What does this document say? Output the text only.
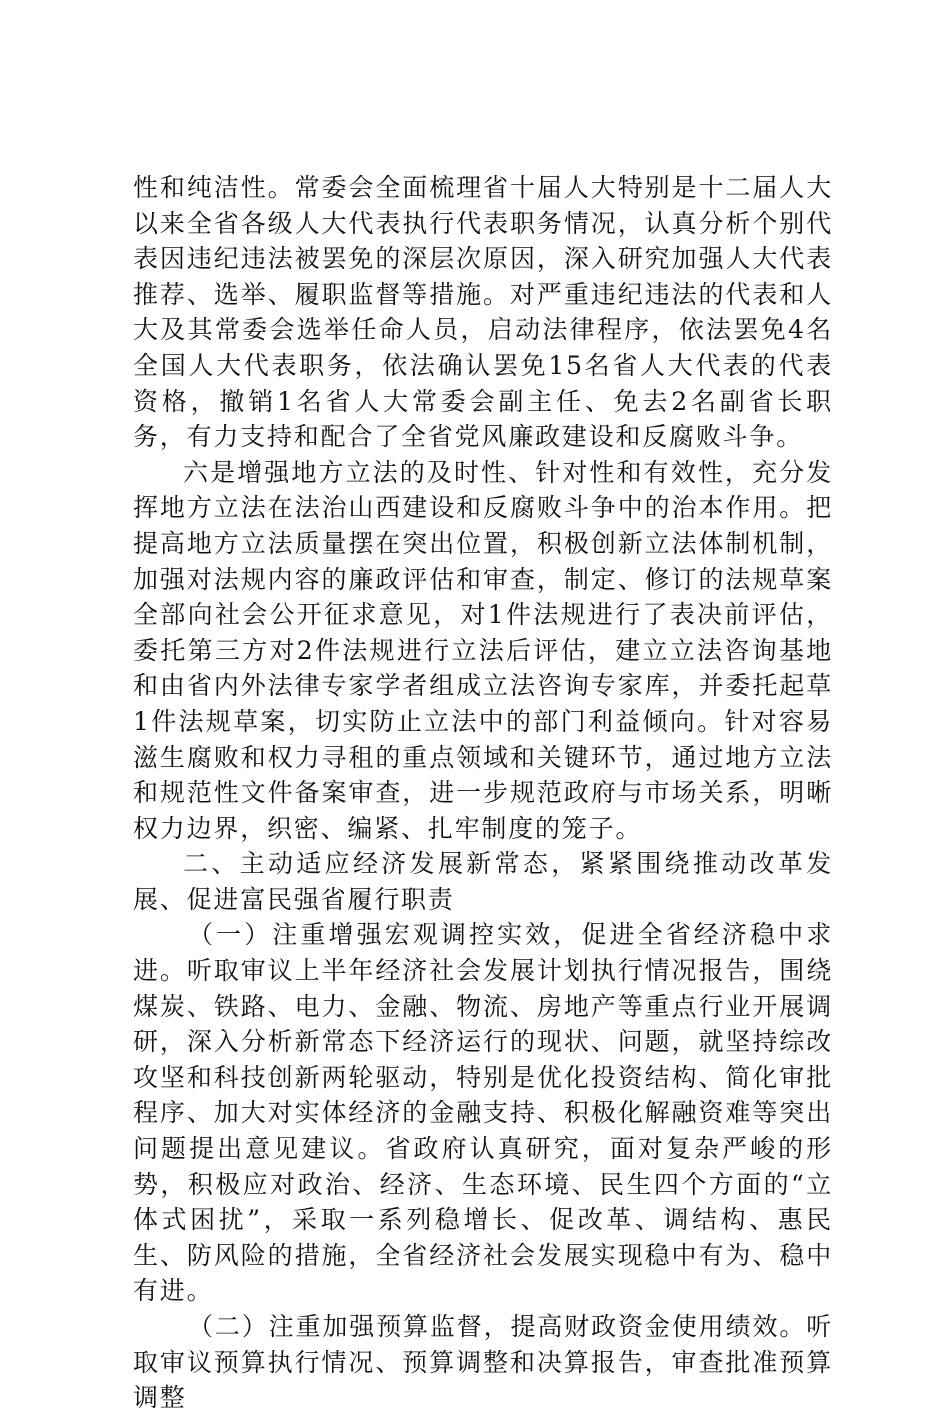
性和纯洁性。常委会全面梳理省十届人大特别是十二届人大以来全省各级人大代表执行代表职务情况，认真分析个别代表因违纪违法被罢免的深层次原因，深入研究加强人大代表推荐、选举、履职监督等措施。对严重违纪违法的代表和人大及其常委会选举任命人员，启动法律程序，依法罢免4名全国人大代表职务，依法确认罢免15名省人大代表的代表资格，撤销1名省人大常委会副主任、免去2名副省长职务，有力支持和配合了全省党风廉政建设和反腐败斗争。

六是增强地方立法的及时性、针对性和有效性，充分发挥地方立法在法治山西建设和反腐败斗争中的治本作用。把提高地方立法质量摆在突出位置，积极创新立法体制机制，加强对法规内容的廉政评估和审查，制定、修订的法规草案全部向社会公开征求意见，对1件法规进行了表决前评估，委托第三方对2件法规进行立法后评估，建立立法咨询基地和由省内外法律专家学者组成立法咨询专家库，并委托起草1件法规草案，切实防止立法中的部门利益倾向。针对容易滋生腐败和权力寻租的重点领域和关键环节，通过地方立法和规范性文件备案审查，进一步规范政府与市场关系，明晰权力边界，织密、编紧、扎牢制度的笼子。

二、主动适应经济发展新常态，紧紧围绕推动改革发展、促进富民强省履行职责

（一）注重增强宏观调控实效，促进全省经济稳中求进。听取审议上半年经济社会发展计划执行情况报告，围绕煤炭、铁路、电力、金融、物流、房地产等重点行业开展调研，深入分析新常态下经济运行的现状、问题，就坚持综改攻坚和科技创新两轮驱动，特别是优化投资结构、简化审批程序、加大对实体经济的金融支持、积极化解融资难等突出问题提出意见建议。省政府认真研究，面对复杂严峻的形势，积极应对政治、经济、生态环境、民生四个方面的“立体式困扰”，采取一系列稳增长、促改革、调结构、惠民生、防风险的措施，全省经济社会发展实现稳中有为、稳中有进。

（二）注重加强预算监督，提高财政资金使用绩效。听取审议预算执行情况、预算调整和决算报告，审查批准预算调整
